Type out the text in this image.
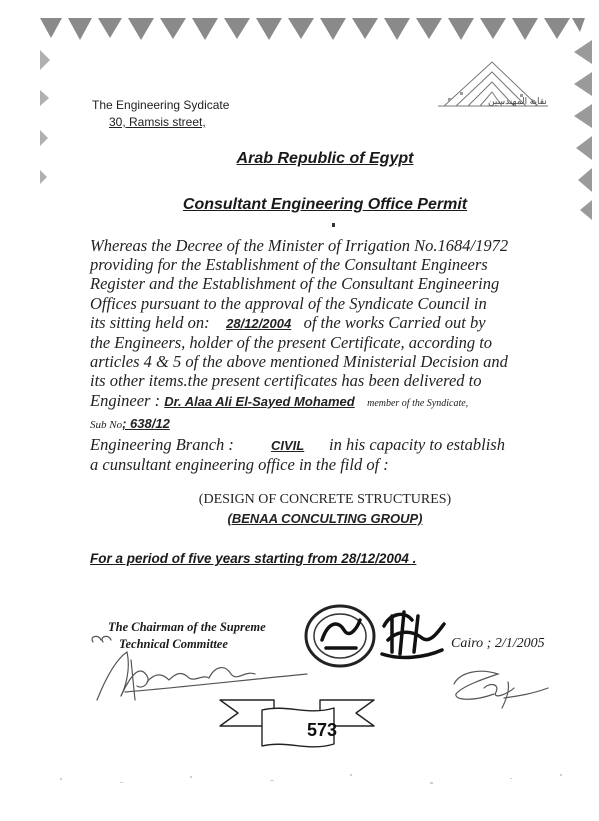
نقابة المهندسين
The Engineering Sydicate
30, Ramsis street,
Arab Republic of Egypt
Consultant Engineering Office Permit
Whereas the Decree of the Minister of Irrigation No.1684/1972
providing for the Establishment of the Consultant Engineers
Register and the Establishment of the Consultant Engineering
Offices pursuant to the approval of the Syndicate Council in
its sitting held on: 28/12/2004 of the works Carried out by
the Engineers, holder of the present Certificate, according to
articles 4 & 5 of the above mentioned Ministerial Decision and
its other items.the present certificates has been delivered to
Engineer : Dr. Alaa Ali El-Sayed Mohamed member of the Syndicate,
Sub No; 638/12
Engineering Branch :	CIVIL in his capacity to establish
a cunsultant engineering office in the fild of :
(DESIGN OF CONCRETE STRUCTURES)
(BENAA CONCULTING GROUP)
For a period of five years starting from 28/12/2004 .
The Chairman of the Supreme
Technical Committee	Cairo ; 2/1/2005
نقابة المهندسين
573
